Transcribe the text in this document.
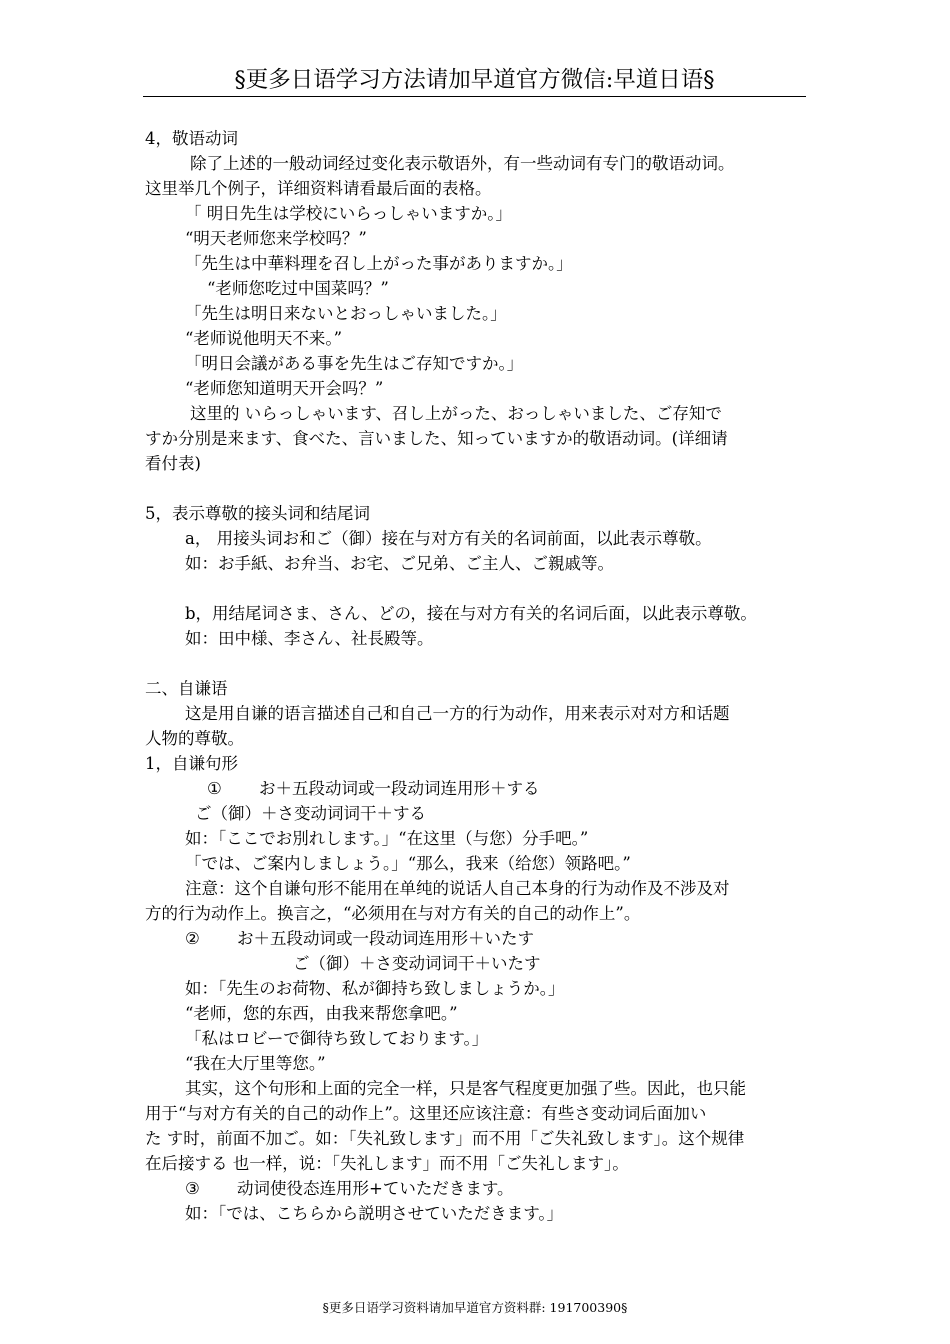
§更多日语学习方法请加早道官方微信:早道日语§
4，敬语动词
除了上述的一般动词经过变化表示敬语外，有一些动词有专门的敬语动词。
这里举几个例子，详细资料请看最后面的表格。
「 明日先生は学校にいらっしゃいますか。」
“明天老师您来学校吗？”
「先生は中華料理を召し上がった事がありますか。」
“老师您吃过中国菜吗？”
「先生は明日来ないとおっしゃいました。」
“老师说他明天不来。”
「明日会議がある事を先生はご存知ですか。」
“老师您知道明天开会吗？”
这里的 いらっしゃいます、召し上がった、おっしゃいました、ご存知で
すか分別是来ます、食べた、言いました、知っていますか的敬语动词。(详细请
看付表)
5，表示尊敬的接头词和结尾词
a， 用接头词お和ご（御）接在与对方有关的名词前面，以此表示尊敬。
如：お手紙、お弁当、お宅、ご兄弟、ご主人、ご親戚等。
b，用结尾词さま、さん、どの，接在与对方有关的名词后面，以此表示尊敬。
如：田中様、李さん、社長殿等。
二、自谦语
这是用自谦的语言描述自己和自己一方的行为动作，用来表示对对方和话题
人物的尊敬。
1，自谦句形
① お＋五段动词或一段动词连用形＋する
ご（御）＋さ变动词词干＋する
如：「ここでお別れします。」“在这里（与您）分手吧。”
「では、ご案内しましょう。」“那么，我来（给您）领路吧。”
注意：这个自谦句形不能用在单纯的说话人自己本身的行为动作及不涉及对
方的行为动作上。换言之，“必须用在与对方有关的自己的动作上”。
② お＋五段动词或一段动词连用形＋いたす
ご（御）＋さ变动词词干＋いたす
如：「先生のお荷物、私が御持ち致しましょうか。」
“老师，您的东西，由我来帮您拿吧。”
「私はロビーで御待ち致しております。」
“我在大厅里等您。”
其实，这个句形和上面的完全一样，只是客气程度更加强了些。因此，也只能
用于“与对方有关的自己的动作上”。这里还应该注意：有些さ变动词后面加い
た す时，前面不加ご。如：「失礼致します」而不用「ご失礼致します」。这个规律
在后接する 也一样，说：「失礼します」而不用「ご失礼します」。
③ 动词使役态连用形+ていただきます。
如：「では、こちらから説明させていただきます。」
§更多日语学习资料请加早道官方资料群: 191700390§
